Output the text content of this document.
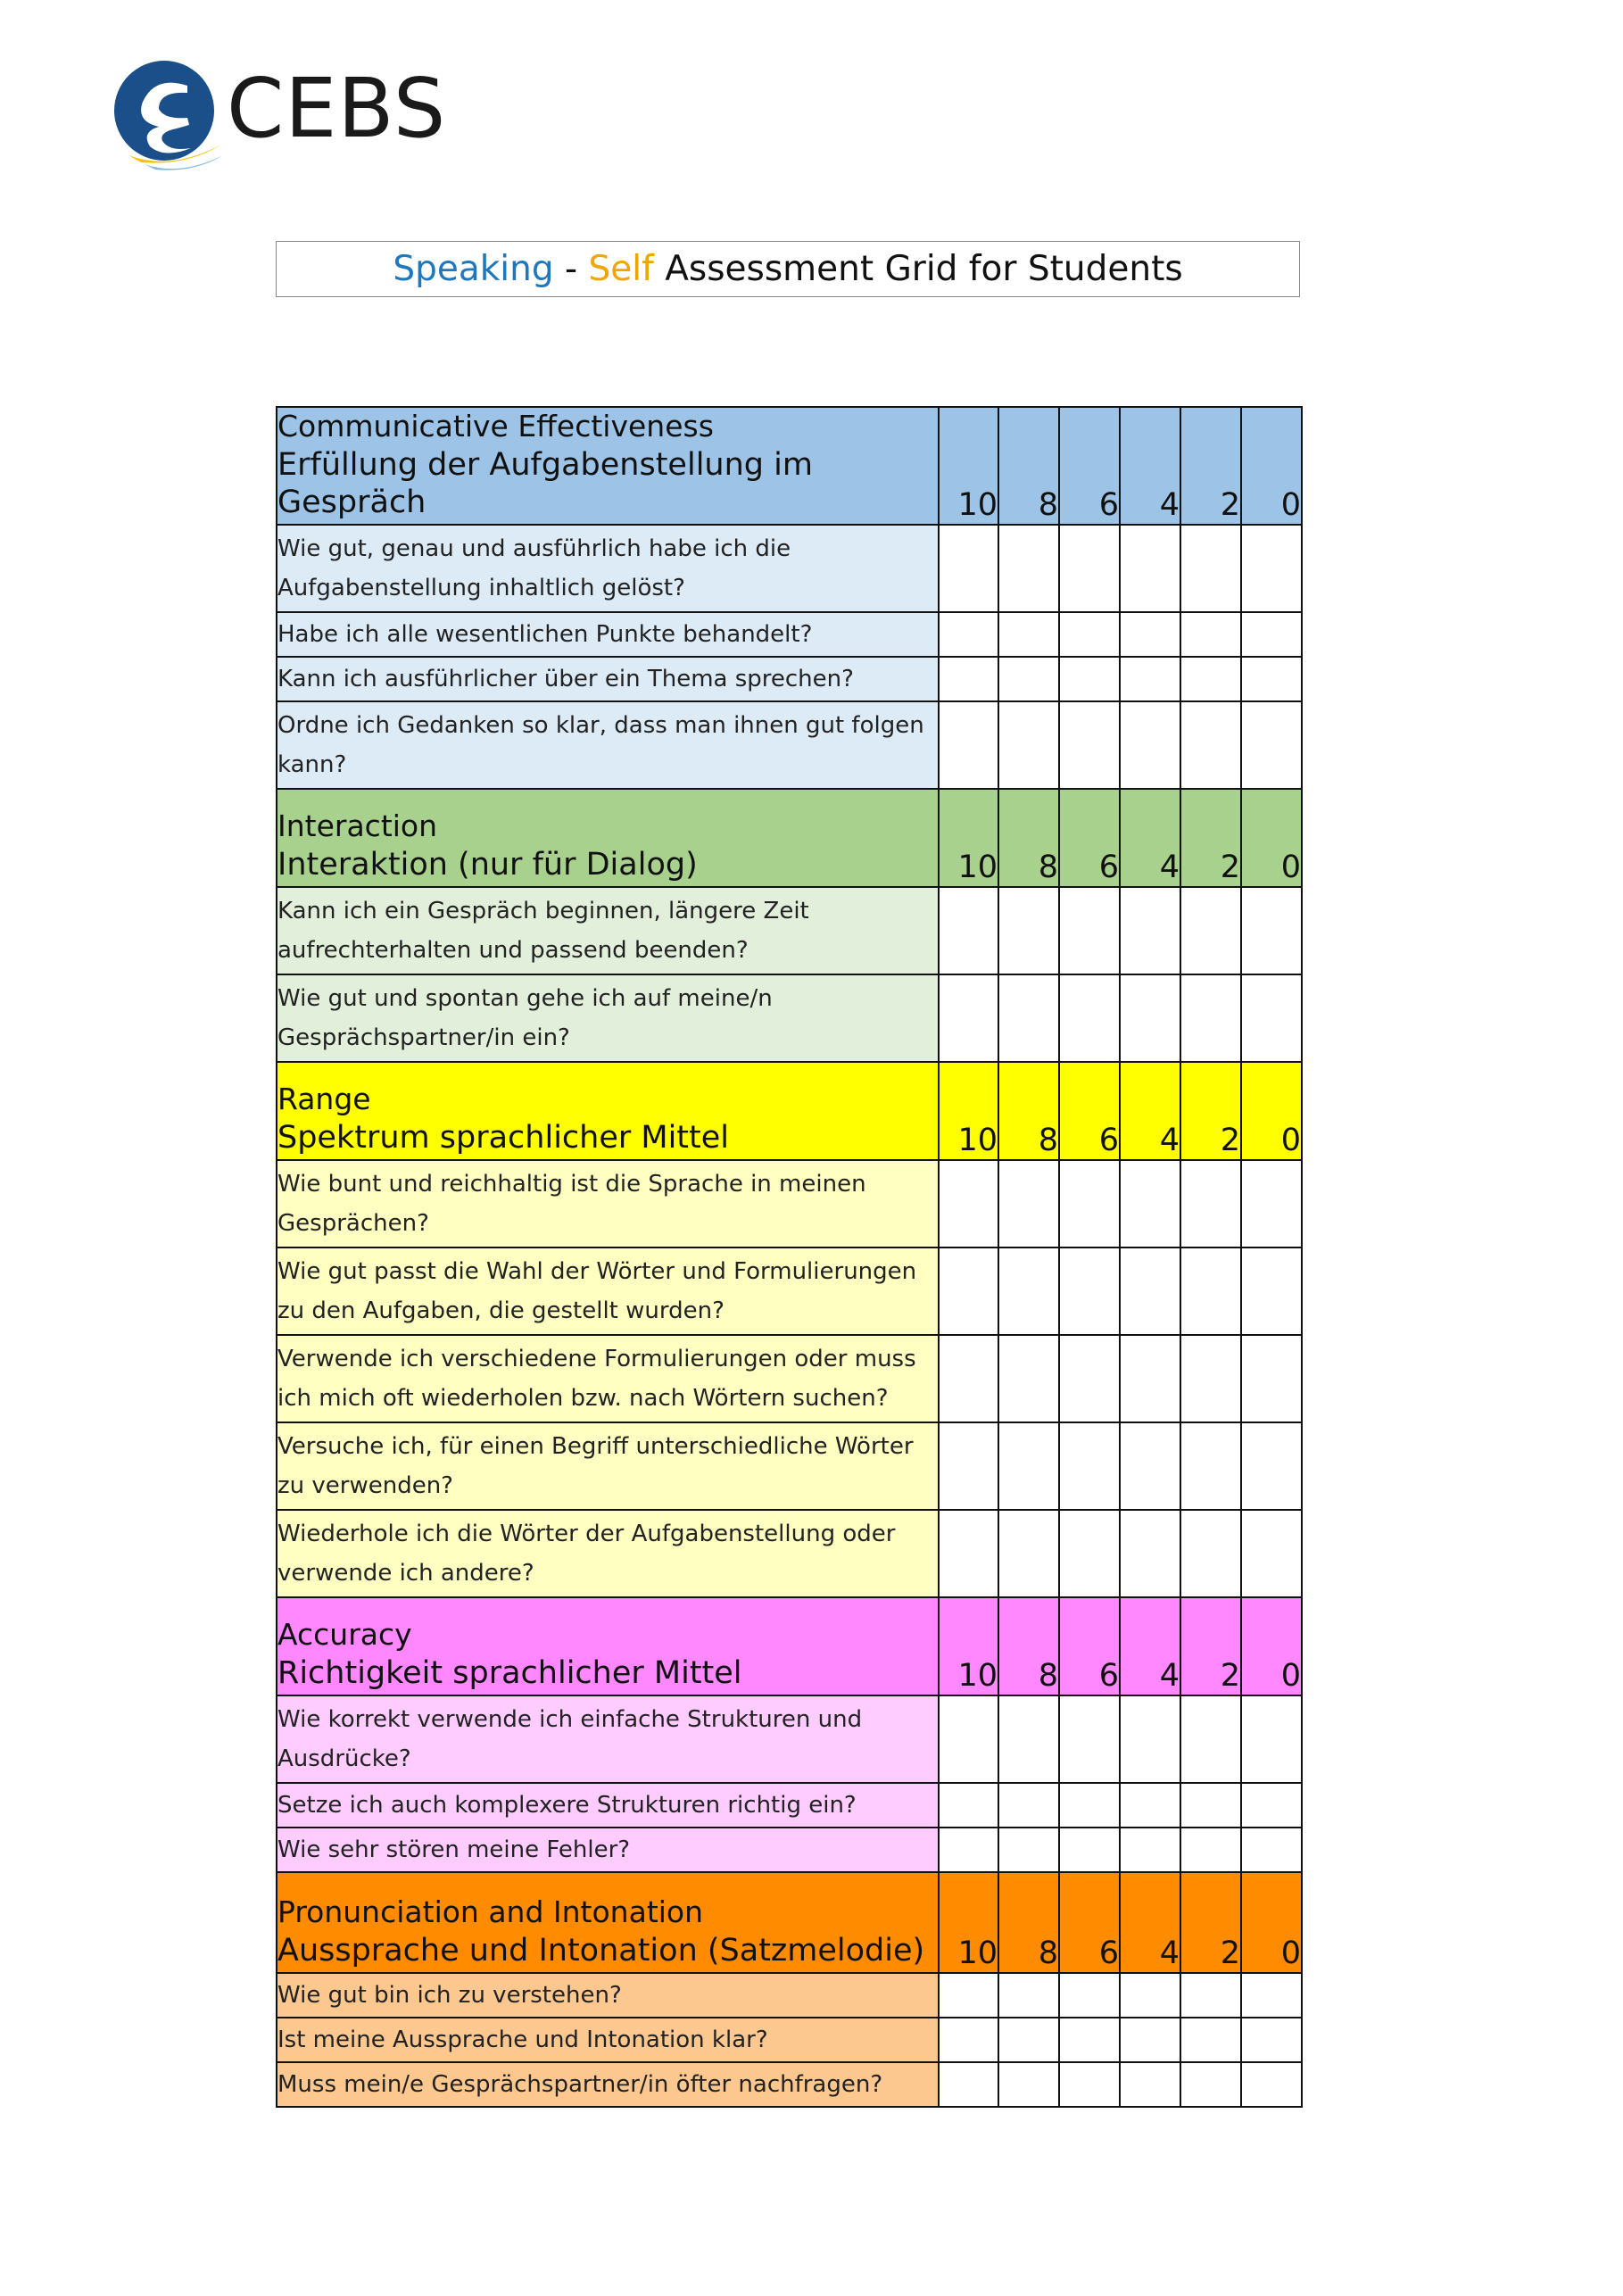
CEBS
Speaking - Self Assessment Grid for Students
Communicative Effectiveness
Erfüllung der Aufgabenstellung im Gespräch	10	8	6	4	2	0
Wie gut, genau und ausführlich habe ich die Aufgabenstellung inhaltlich gelöst?						
Habe ich alle wesentlichen Punkte behandelt?						
Kann ich ausführlicher über ein Thema sprechen?						
Ordne ich Gedanken so klar, dass man ihnen gut folgen kann?						

Interaction
Interaktion (nur für Dialog)	10	8	6	4	2	0
Kann ich ein Gespräch beginnen, längere Zeit aufrechterhalten und passend beenden?						
Wie gut und spontan gehe ich auf meine/n Gesprächspartner/in ein?						

Range
Spektrum sprachlicher Mittel	10	8	6	4	2	0
Wie bunt und reichhaltig ist die Sprache in meinen Gesprächen?						
Wie gut passt die Wahl der Wörter und Formulierungen zu den Aufgaben, die gestellt wurden?						
Verwende ich verschiedene Formulierungen oder muss ich mich oft wiederholen bzw. nach Wörtern suchen?						
Versuche ich, für einen Begriff unterschiedliche Wörter zu verwenden?						
Wiederhole ich die Wörter der Aufgabenstellung oder verwende ich andere?						

Accuracy
Richtigkeit sprachlicher Mittel	10	8	6	4	2	0
Wie korrekt verwende ich einfache Strukturen und Ausdrücke?						
Setze ich auch komplexere Strukturen richtig ein?						
Wie sehr stören meine Fehler?						

Pronunciation and Intonation
Aussprache und Intonation (Satzmelodie)	10	8	6	4	2	0
Wie gut bin ich zu verstehen?						
Ist meine Aussprache und Intonation klar?						
Muss mein/e Gesprächspartner/in öfter nachfragen?						
